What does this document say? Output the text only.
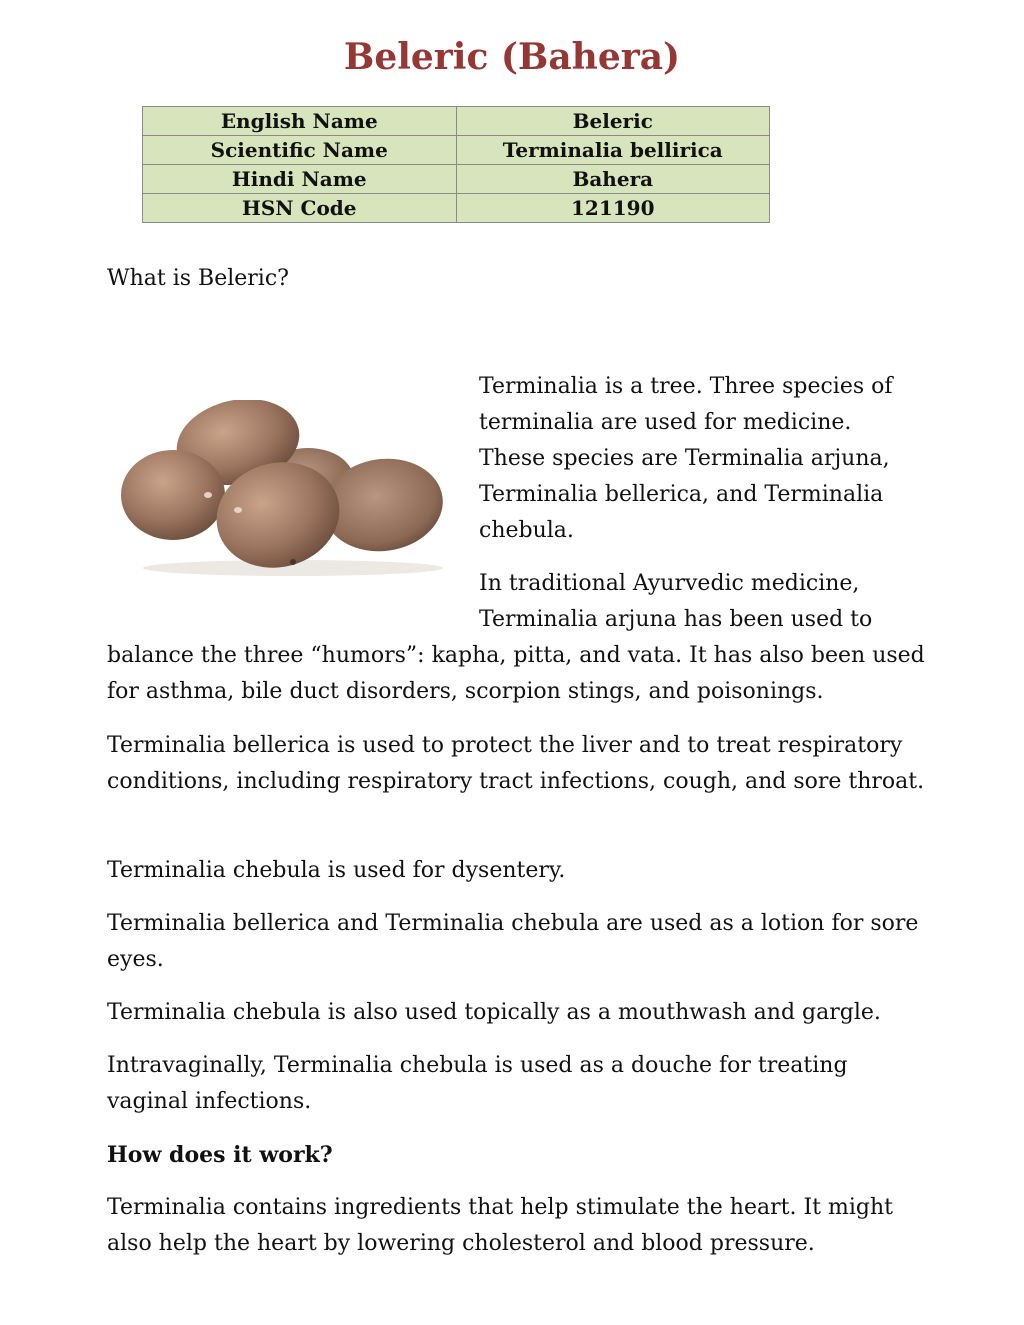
Beleric (Bahera)
English Name	Beleric
Scientific Name	Terminalia bellirica
Hindi Name	Bahera
HSN Code	121190

What is Beleric?

Terminalia is a tree. Three species of terminalia are used for medicine. These species are Terminalia arjuna, Terminalia bellerica, and Terminalia chebula.

In traditional Ayurvedic medicine,
Terminalia arjuna has been used to
balance the three “humors”: kapha, pitta, and vata. It has also been used for asthma, bile duct disorders, scorpion stings, and poisonings.

Terminalia bellerica is used to protect the liver and to treat respiratory conditions, including respiratory tract infections, cough, and sore throat.

Terminalia chebula is used for dysentery.

Terminalia bellerica and Terminalia chebula are used as a lotion for sore eyes.

Terminalia chebula is also used topically as a mouthwash and gargle.

Intravaginally, Terminalia chebula is used as a douche for treating vaginal infections.

How does it work?

Terminalia contains ingredients that help stimulate the heart. It might also help the heart by lowering cholesterol and blood pressure.
